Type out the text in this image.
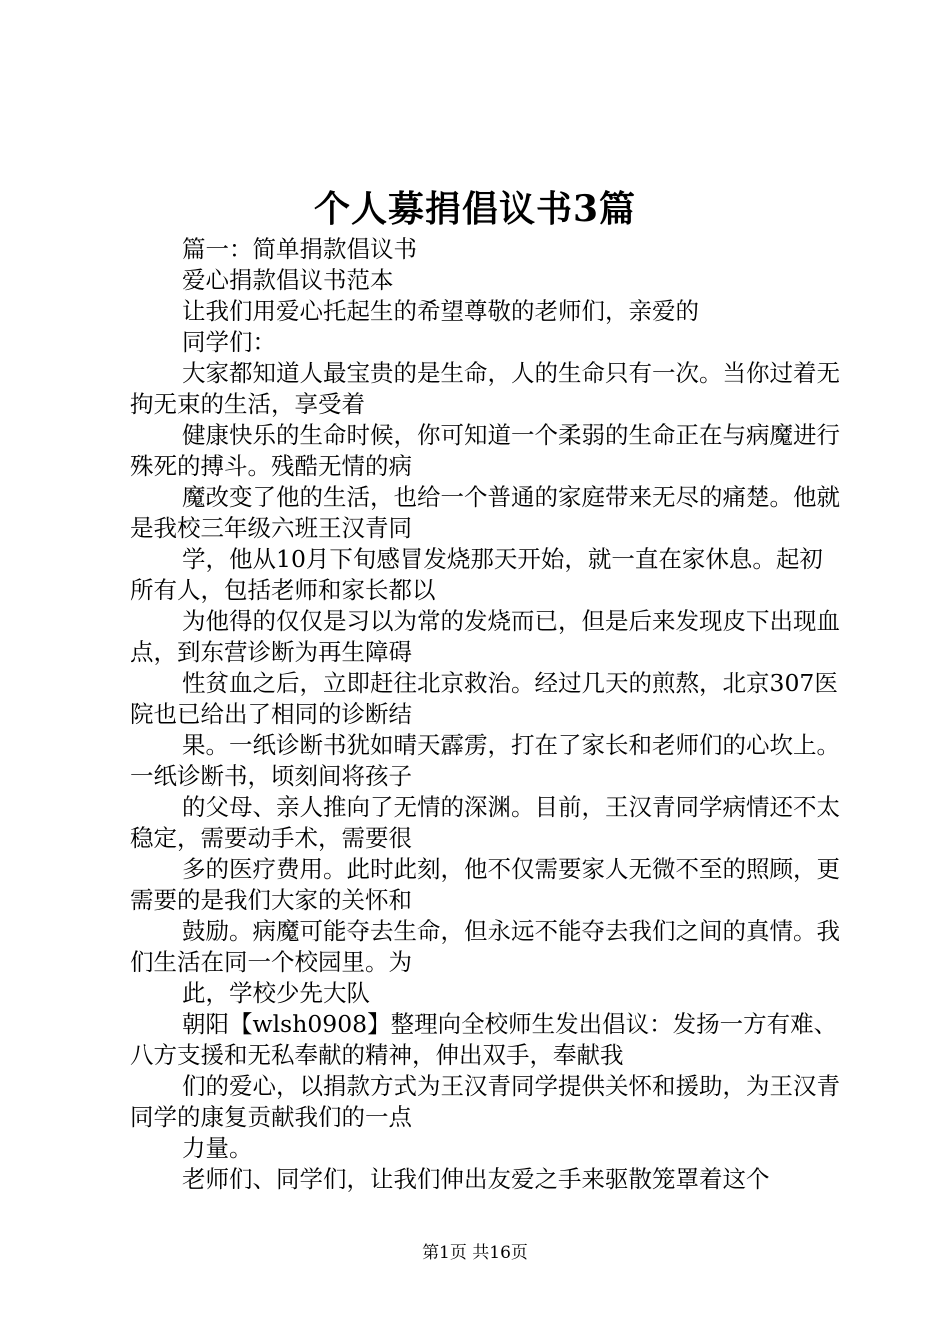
个人募捐倡议书3篇

篇一：简单捐款倡议书

爱心捐款倡议书范本

让我们用爱心托起生的希望尊敬的老师们，亲爱的

同学们：

大家都知道人最宝贵的是生命，人的生命只有一次。当你过着无拘无束的生活，享受着

健康快乐的生命时候，你可知道一个柔弱的生命正在与病魔进行殊死的搏斗。残酷无情的病

魔改变了他的生活，也给一个普通的家庭带来无尽的痛楚。他就是我校三年级六班王汉青同

学，他从10月下旬感冒发烧那天开始，就一直在家休息。起初所有人，包括老师和家长都以

为他得的仅仅是习以为常的发烧而已，但是后来发现皮下出现血点，到东营诊断为再生障碍

性贫血之后，立即赶往北京救治。经过几天的煎熬，北京307医院也已给出了相同的诊断结

果。一纸诊断书犹如晴天霹雳，打在了家长和老师们的心坎上。一纸诊断书，顷刻间将孩子

的父母、亲人推向了无情的深渊。目前，王汉青同学病情还不太稳定，需要动手术，需要很

多的医疗费用。此时此刻，他不仅需要家人无微不至的照顾，更需要的是我们大家的关怀和

鼓励。病魔可能夺去生命，但永远不能夺去我们之间的真情。我们生活在同一个校园里。为

此，学校少先大队

朝阳【wlsh0908】整理向全校师生发出倡议：发扬一方有难、八方支援和无私奉献的精神，伸出双手，奉献我

们的爱心，以捐款方式为王汉青同学提供关怀和援助，为王汉青同学的康复贡献我们的一点

力量。

老师们、同学们，让我们伸出友爱之手来驱散笼罩着这个

第1页 共16页
